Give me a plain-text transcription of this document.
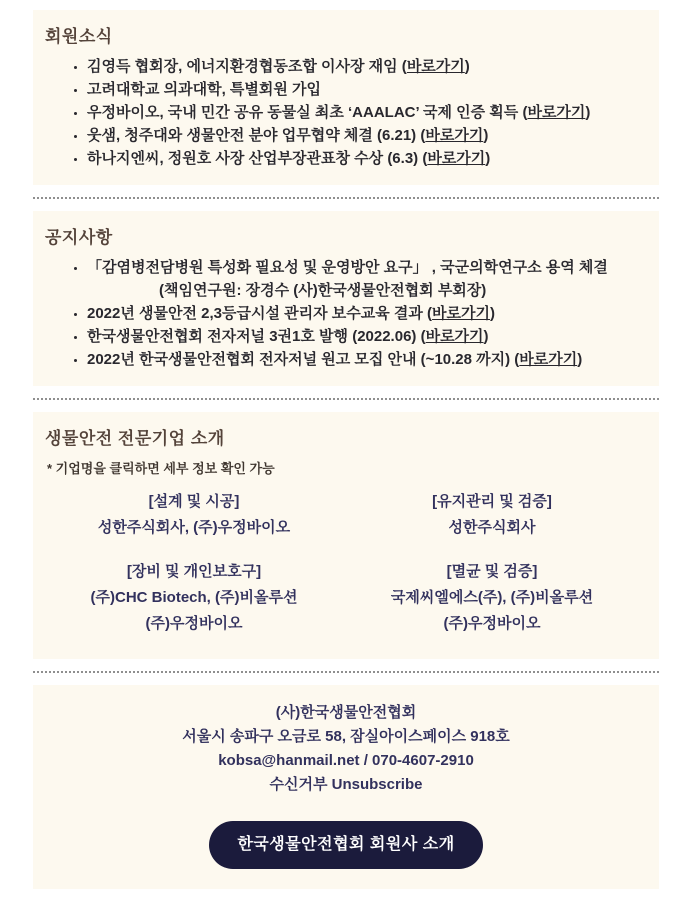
회원소식
• 김영득 협회장, 에너지환경협동조합 이사장 재임 (바로가기)
• 고려대학교 의과대학, 특별회원 가입
• 우정바이오, 국내 민간 공유 동물실 최초 ‘AAALAC’ 국제 인증 획득 (바로가기)
• 웃샘, 청주대와 생물안전 분야 업무협약 체결 (6.21) (바로가기)
• 하나지엔씨, 정원호 사장 산업부장관표창 수상 (6.3) (바로가기)
공지사항
• 「감염병전담병원 특성화 필요성 및 운영방안 요구」 , 국군의학연구소 용역 체결
(책임연구원: 장경수 (사)한국생물안전협회 부회장)
• 2022년 생물안전 2,3등급시설 관리자 보수교육 결과 (바로가기)
• 한국생물안전협회 전자저널 3권1호 발행 (2022.06) (바로가기)
• 2022년 한국생물안전협회 전자저널 원고 모집 안내 (~10.28 까지) (바로가기)
생물안전 전문기업 소개
* 기업명을 클릭하면 세부 정보 확인 가능
[설계 및 시공]
성한주식회사, (주)우정바이오
[유지관리 및 검증]
성한주식회사
[장비 및 개인보호구]
(주)CHC Biotech, (주)비올루션
(주)우정바이오
[멸균 및 검증]
국제씨엘에스(주), (주)비올루션
(주)우정바이오
(사)한국생물안전협회
서울시 송파구 오금로 58, 잠실아이스페이스 918호
kobsa@hanmail.net / 070-4607-2910
수신거부 Unsubscribe
한국생물안전협회 회원사 소개
